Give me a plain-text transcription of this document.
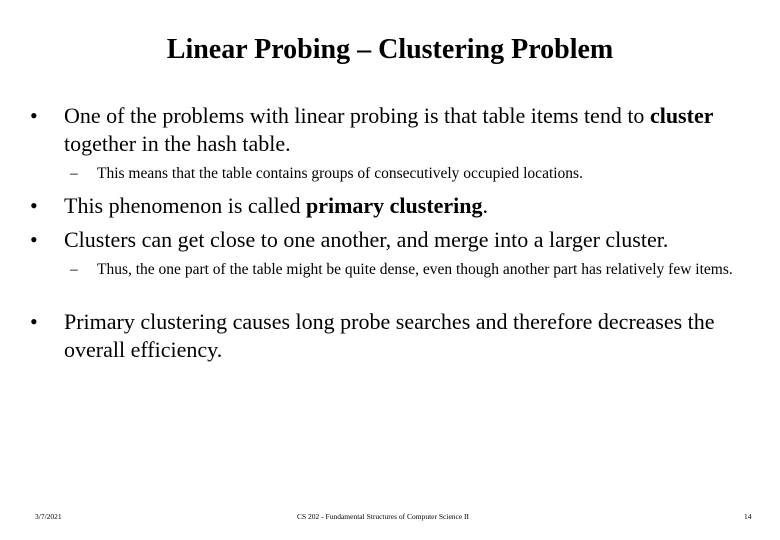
Linear Probing – Clustering Problem
• One of the problems with linear probing is that table items tend to cluster together in the hash table.
– This means that the table contains groups of consecutively occupied locations.
• This phenomenon is called primary clustering.
• Clusters can get close to one another, and merge into a larger cluster.
– Thus, the one part of the table might be quite dense, even though another part has relatively few items.
• Primary clustering causes long probe searches and therefore decreases the overall efficiency.
3/7/2021	CS 202 - Fundamental Structures of Computer Science II	14
